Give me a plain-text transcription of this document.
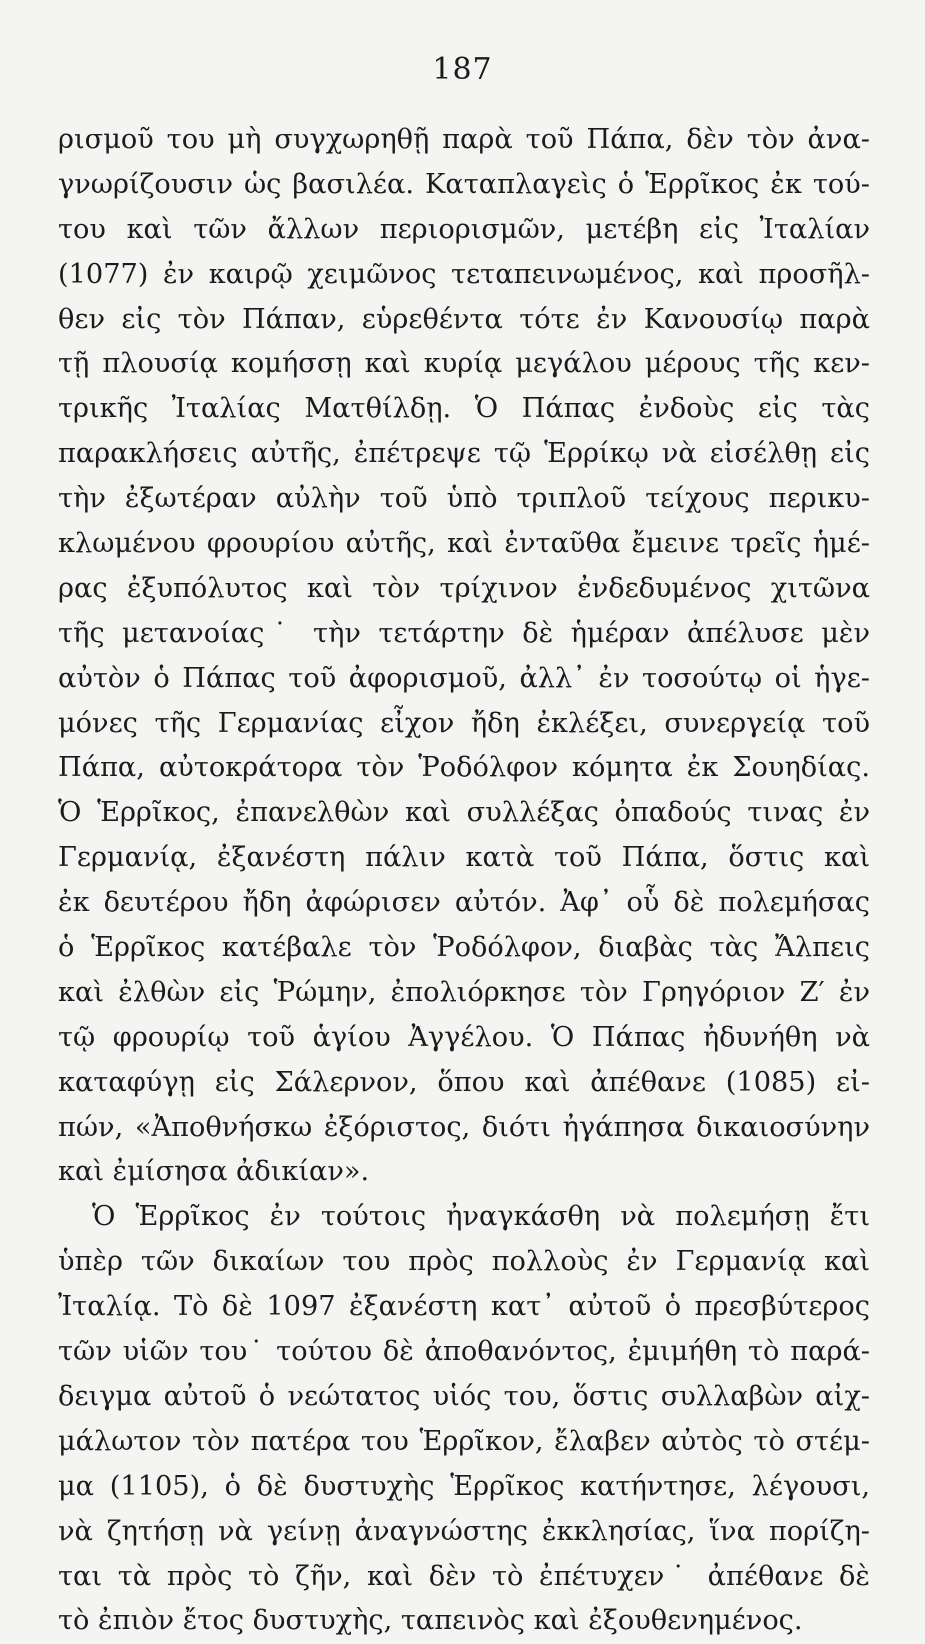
187
ρισμοῦ του μὴ συγχωρηθῇ παρὰ τοῦ Πάπα, δὲν τὸν ἀνα-
γνωρίζουσιν ὡς βασιλέα. Καταπλαγεὶς ὁ Ἑρρῖκος ἐκ τού-
του καὶ τῶν ἄλλων περιορισμῶν, μετέβη εἰς Ἰταλίαν
(1077) ἐν καιρῷ χειμῶνος τεταπεινωμένος, καὶ προσῆλ-
θεν εἰς τὸν Πάπαν, εὑρεθέντα τότε ἐν Κανουσίῳ παρὰ
τῇ πλουσίᾳ κομήσσῃ καὶ κυρίᾳ μεγάλου μέρους τῆς κεν-
τρικῆς Ἰταλίας Ματθίλδῃ. Ὁ Πάπας ἐνδοὺς εἰς τὰς
παρακλήσεις αὐτῆς, ἐπέτρεψε τῷ Ἑρρίκῳ νὰ εἰσέλθῃ εἰς
τὴν ἐξωτέραν αὐλὴν τοῦ ὑπὸ τριπλοῦ τείχους περικυ-
κλωμένου φρουρίου αὐτῆς, καὶ ἐνταῦθα ἔμεινε τρεῖς ἡμέ-
ρας ἐξυπόλυτος καὶ τὸν τρίχινον ἐνδεδυμένος χιτῶνα
τῆς μετανοίας˙ τὴν τετάρτην δὲ ἡμέραν ἀπέλυσε μὲν
αὐτὸν ὁ Πάπας τοῦ ἀφορισμοῦ, ἀλλ᾽ ἐν τοσούτῳ οἱ ἡγε-
μόνες τῆς Γερμανίας εἶχον ἤδη ἐκλέξει, συνεργείᾳ τοῦ
Πάπα, αὐτοκράτορα τὸν Ῥοδόλφον κόμητα ἐκ Σουηδίας.
Ὁ Ἑρρῖκος, ἐπανελθὼν καὶ συλλέξας ὀπαδούς τινας ἐν
Γερμανίᾳ, ἐξανέστη πάλιν κατὰ τοῦ Πάπα, ὅστις καὶ
ἐκ δευτέρου ἤδη ἀφώρισεν αὐτόν. Ἀφ᾽ οὗ δὲ πολεμήσας
ὁ Ἑρρῖκος κατέβαλε τὸν Ῥοδόλφον, διαβὰς τὰς Ἄλπεις
καὶ ἐλθὼν εἰς Ῥώμην, ἐπολιόρκησε τὸν Γρηγόριον Ζ′ ἐν
τῷ φρουρίῳ τοῦ ἁγίου Ἀγγέλου. Ὁ Πάπας ἠδυνήθη νὰ
καταφύγῃ εἰς Σάλερνον, ὅπου καὶ ἀπέθανε (1085) εἰ-
πών, «Ἀποθνήσκω ἐξόριστος, διότι ἠγάπησα δικαιοσύνην
καὶ ἐμίσησα ἀδικίαν».
Ὁ Ἑρρῖκος ἐν τούτοις ἠναγκάσθη νὰ πολεμήσῃ ἔτι
ὑπὲρ τῶν δικαίων του πρὸς πολλοὺς ἐν Γερμανίᾳ καὶ
Ἰταλίᾳ. Τὸ δὲ 1097 ἐξανέστη κατ᾽ αὐτοῦ ὁ πρεσβύτερος
τῶν υἱῶν του˙ τούτου δὲ ἀποθανόντος, ἐμιμήθη τὸ παρά-
δειγμα αὐτοῦ ὁ νεώτατος υἱός του, ὅστις συλλαβὼν αἰχ-
μάλωτον τὸν πατέρα του Ἑρρῖκον, ἔλαβεν αὐτὸς τὸ στέμ-
μα (1105), ὁ δὲ δυστυχὴς Ἑρρῖκος κατήντησε, λέγουσι,
νὰ ζητήσῃ νὰ γείνῃ ἀναγνώστης ἐκκλησίας, ἵνα πορίζη-
ται τὰ πρὸς τὸ ζῆν, καὶ δὲν τὸ ἐπέτυχεν˙ ἀπέθανε δὲ
τὸ ἐπιὸν ἔτος δυστυχὴς, ταπεινὸς καὶ ἐξουθενημένος.
